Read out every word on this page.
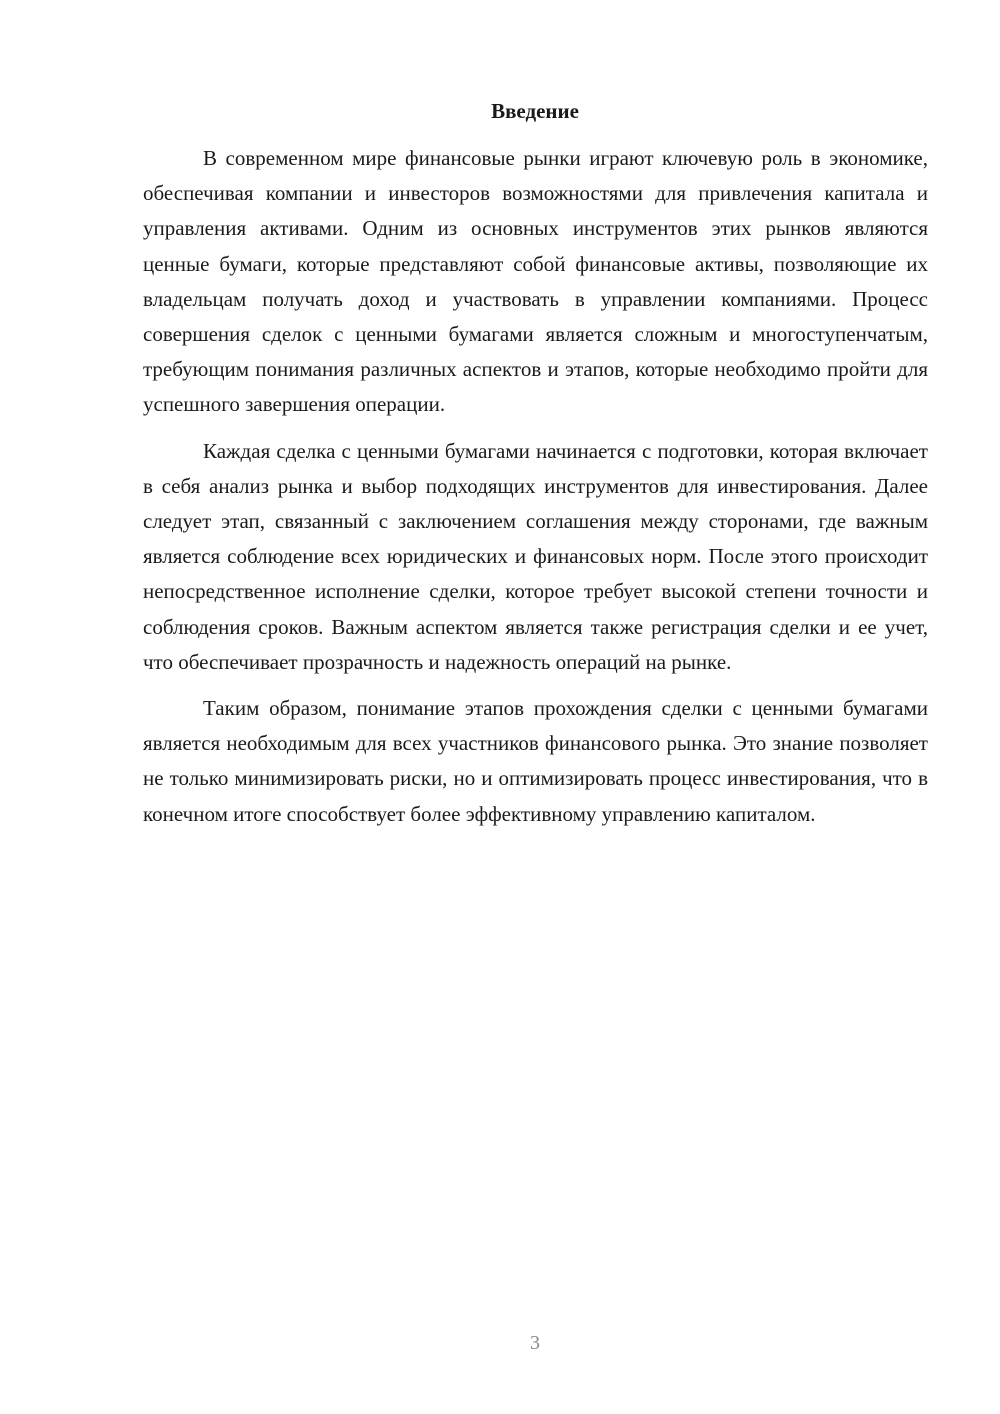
Введение

В современном мире финансовые рынки играют ключевую роль в экономике, обеспечивая компании и инвесторов возможностями для привлечения капитала и управления активами. Одним из основных инструментов этих рынков являются ценные бумаги, которые представляют собой финансовые активы, позволяющие их владельцам получать доход и участвовать в управлении компаниями. Процесс совершения сделок с ценными бумагами является сложным и многоступенчатым, требующим понимания различных аспектов и этапов, которые необходимо пройти для успешного завершения операции.

Каждая сделка с ценными бумагами начинается с подготовки, которая включает в себя анализ рынка и выбор подходящих инструментов для инвестирования. Далее следует этап, связанный с заключением соглашения между сторонами, где важным является соблюдение всех юридических и финансовых норм. После этого происходит непосредственное исполнение сделки, которое требует высокой степени точности и соблюдения сроков. Важным аспектом является также регистрация сделки и ее учет, что обеспечивает прозрачность и надежность операций на рынке.

Таким образом, понимание этапов прохождения сделки с ценными бумагами является необходимым для всех участников финансового рынка. Это знание позволяет не только минимизировать риски, но и оптимизировать процесс инвестирования, что в конечном итоге способствует более эффективному управлению капиталом.

3
